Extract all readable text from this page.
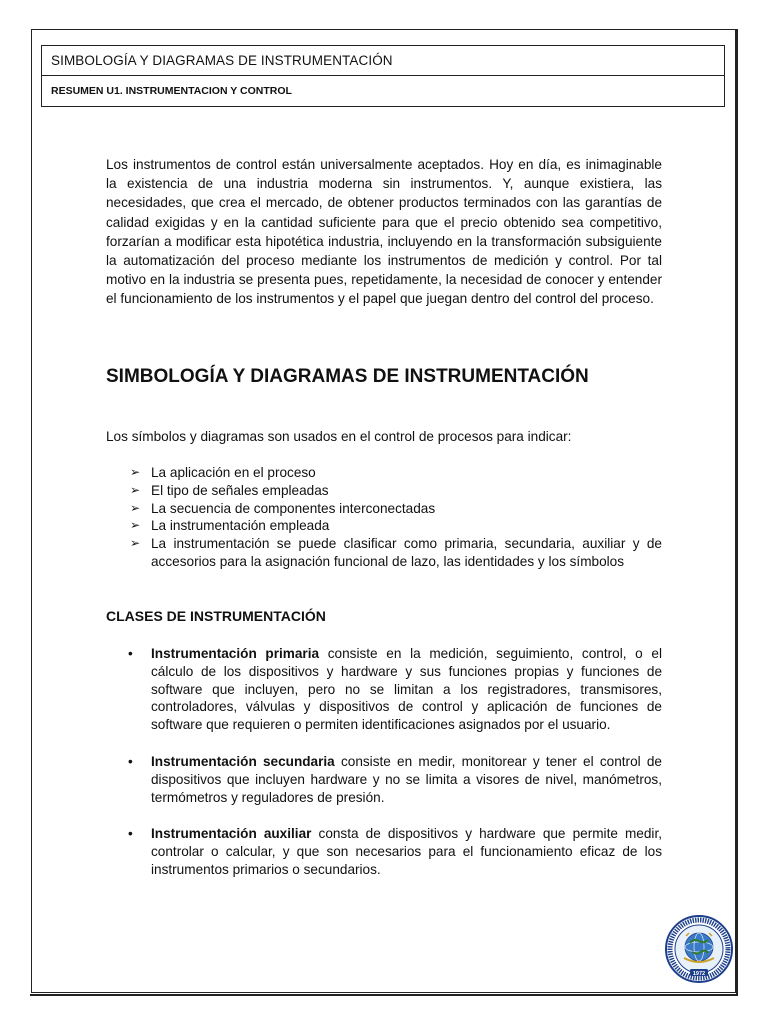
SIMBOLOGÍA Y DIAGRAMAS DE INSTRUMENTACIÓN
RESUMEN U1. INSTRUMENTACION Y CONTROL
Los instrumentos de control están universalmente aceptados. Hoy en día, es inimaginable la existencia de una industria moderna sin instrumentos. Y, aunque existiera, las necesidades, que crea el mercado, de obtener productos terminados con las garantías de calidad exigidas y en la cantidad suficiente para que el precio obtenido sea competitivo, forzarían a modificar esta hipotética industria, incluyendo en la transformación subsiguiente la automatización del proceso mediante los instrumentos de medición y control. Por tal motivo en la industria se presenta pues, repetidamente, la necesidad de conocer y entender el funcionamiento de los instrumentos y el papel que juegan dentro del control del proceso.
SIMBOLOGÍA Y DIAGRAMAS DE INSTRUMENTACIÓN
Los símbolos y diagramas son usados en el control de procesos para indicar:
➢ La aplicación en el proceso
➢ El tipo de señales empleadas
➢ La secuencia de componentes interconectadas
➢ La instrumentación empleada
➢ La instrumentación se puede clasificar como primaria, secundaria, auxiliar y de accesorios para la asignación funcional de lazo, las identidades y los símbolos
CLASES DE INSTRUMENTACIÓN
• Instrumentación primaria consiste en la medición, seguimiento, control, o el cálculo de los dispositivos y hardware y sus funciones propias y funciones de software que incluyen, pero no se limitan a los registradores, transmisores, controladores, válvulas y dispositivos de control y aplicación de funciones de software que requieren o permiten identificaciones asignados por el usuario.
• Instrumentación secundaria consiste en medir, monitorear y tener el control de dispositivos que incluyen hardware y no se limita a visores de nivel, manómetros, termómetros y reguladores de presión.
• Instrumentación auxiliar consta de dispositivos y hardware que permite medir, controlar o calcular, y que son necesarios para el funcionamiento eficaz de los instrumentos primarios o secundarios.
1972
